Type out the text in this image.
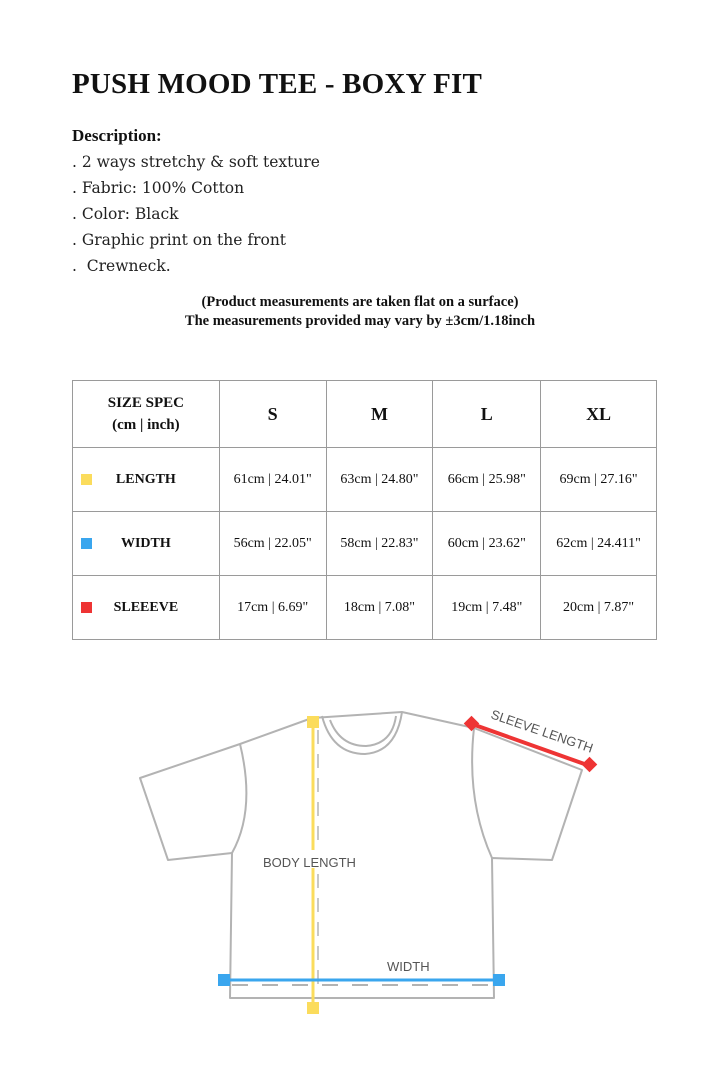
PUSH MOOD TEE - BOXY FIT
Description:
. 2 ways stretchy & soft texture
. Fabric: 100% Cotton
. Color: Black
. Graphic print on the front
.  Crewneck.
(Product measurements are taken flat on a surface)
The measurements provided may vary by ±3cm/1.18inch
SIZE SPEC
(cm | inch)	S	M	L	XL

LENGTH	61cm | 24.01"	63cm | 24.80"	66cm | 25.98"	69cm | 27.16"

WIDTH	56cm | 22.05"	58cm | 22.83"	60cm | 23.62"	62cm | 24.411"

SLEEEVE	17cm | 6.69"	18cm | 7.08"	19cm | 7.48"	20cm | 7.87"
BODY LENGTH
WIDTH
SLEEVE LENGTH
